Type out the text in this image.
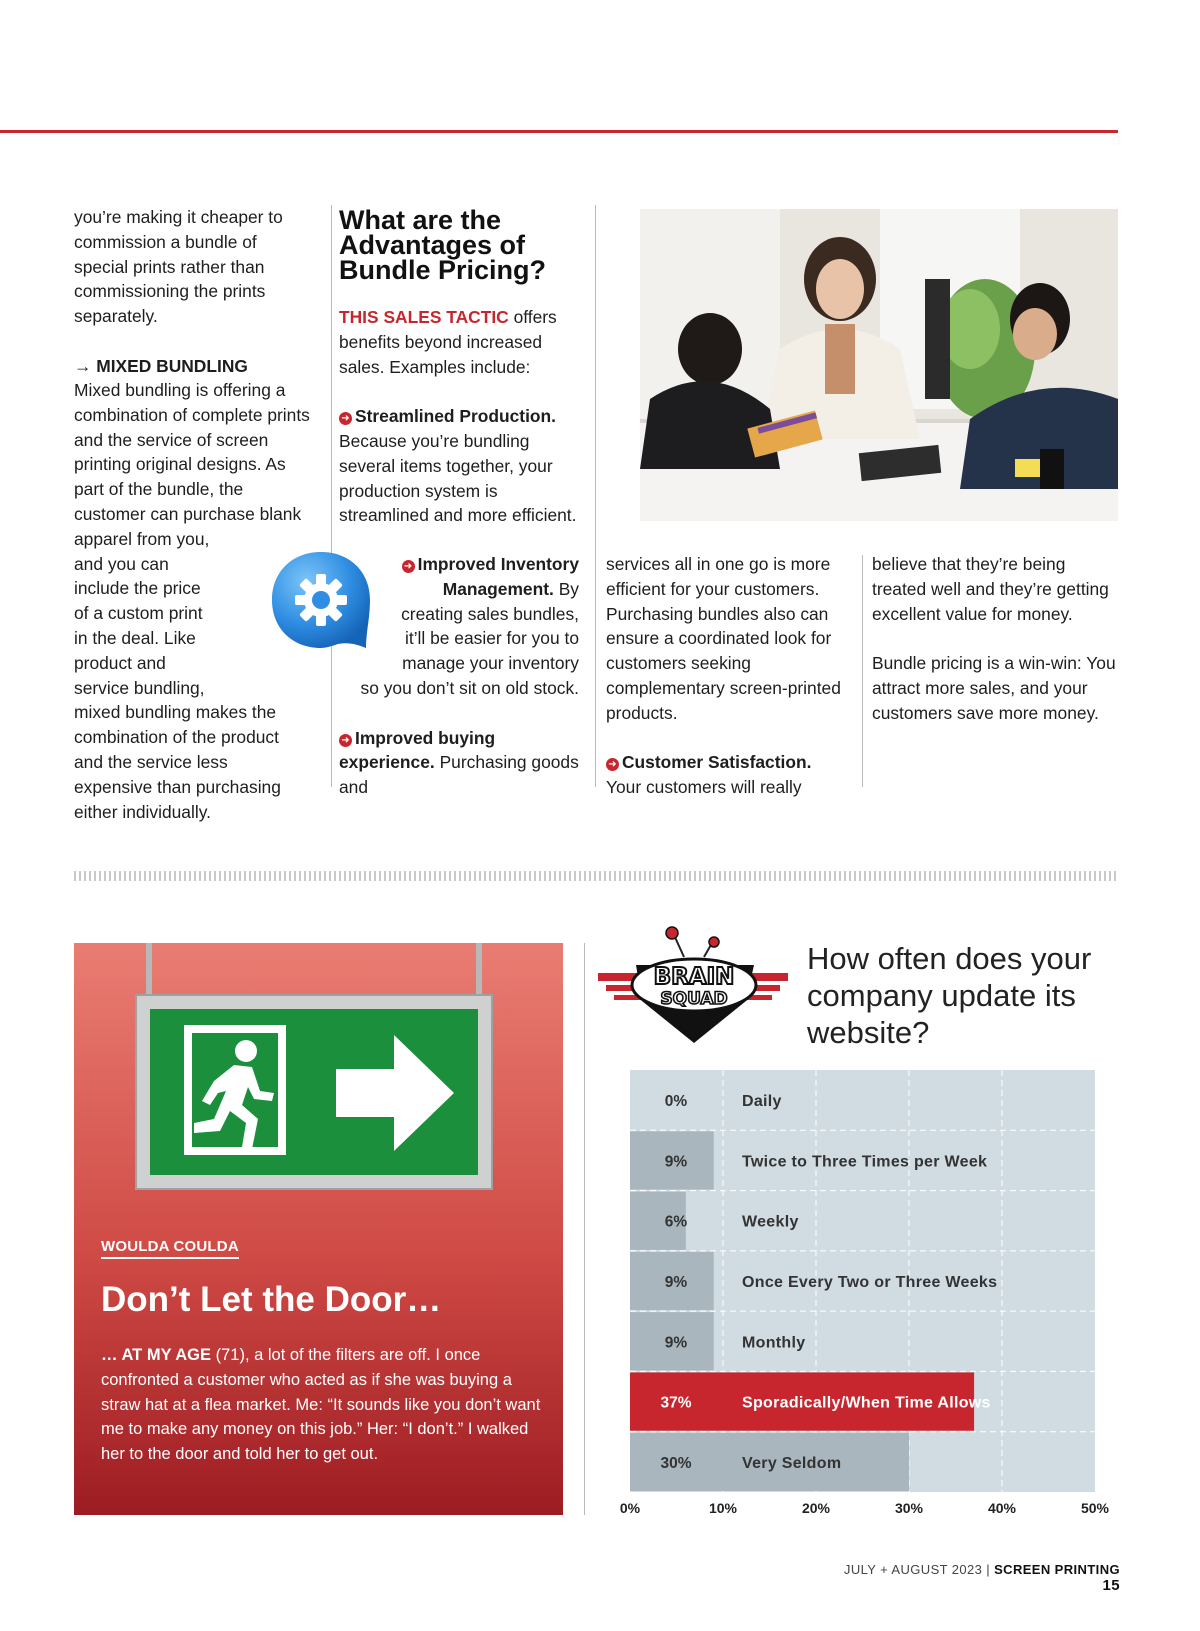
you’re making it cheaper to commission a bundle of special prints rather than commissioning the prints separately.

→ MIXED BUNDLING

Mixed bundling is offering a combination of complete prints and the service of screen printing original designs. As part of the bundle, the customer can purchase blank apparel from you, and you can include the price of a custom print in the deal. Like product and service bundling, mixed bundling makes the combination of the product and the service less expensive than purchasing either individually.

What are the
Advantages of
Bundle Pricing?

THIS SALES TACTIC offers benefits beyond increased sales. Examples include:

➜ Streamlined Production. Because you’re bundling several items together, your production system is streamlined and more efficient.

➜ Improved Inventory Management. By creating sales bundles, it’ll be easier for you to manage your inventory so you don’t sit on old stock.

➜ Improved buying experience. Purchasing goods and

services all in one go is more efficient for your customers. Purchasing bundles also can ensure a coordinated look for customers seeking complementary screen-printed products.

➜ Customer Satisfaction. Your customers will really

believe that they’re being treated well and they’re getting excellent value for money.

Bundle pricing is a win-win: You attract more sales, and your customers save more money.

WOULDA COULDA
Don’t Let the Door…
… AT MY AGE (71), a lot of the filters are off. I once confronted a customer who acted as if she was buying a straw hat at a flea market. Me: “It sounds like you don’t want me to make any money on this job.” Her: “I don’t.” I walked her to the door and told her to get out.
BRAIN
SQUAD
How often does your company update its website?
0%	Daily
9%	Twice to Three Times per Week
6%	Weekly
9%	Once Every Two or Three Weeks
9%	Monthly
37%	Sporadically/When Time Allows
30%	Very Seldom
0%	10%	20%	30%	40%	50%
JULY + AUGUST 2023 | SCREEN PRINTING 15
